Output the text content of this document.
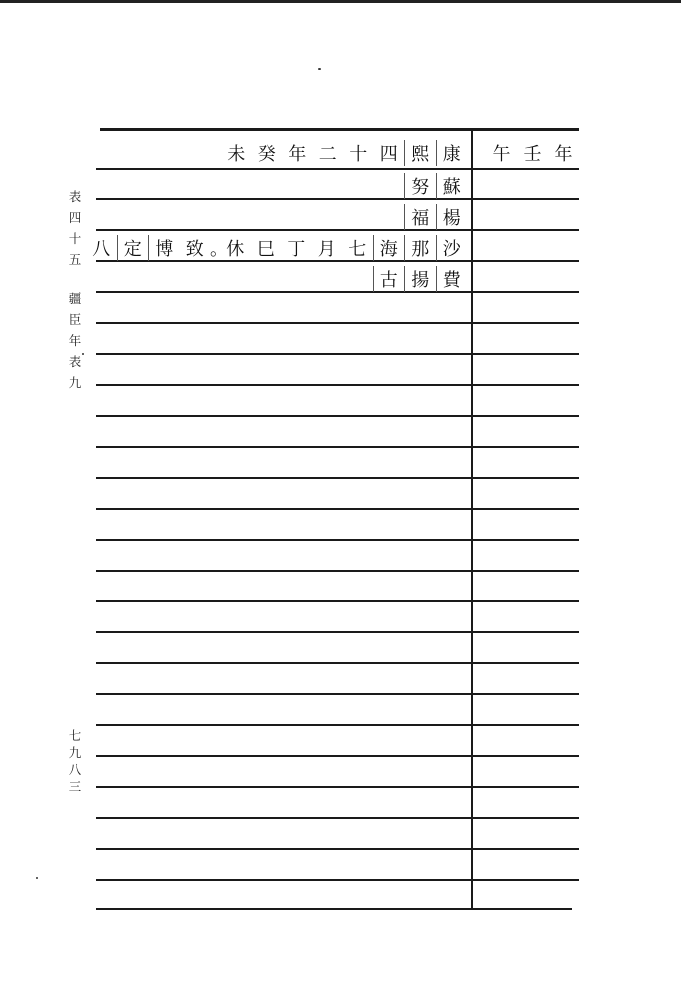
表
四
十
五
疆
臣
年
表
九
七
九
八
三
未 癸 年 二 十 四 熙 康	午 壬 年
努 蘇
福 楊
八 定 博 致 。
休 巳 丁 月 七 海 那 沙
古 揚 費
